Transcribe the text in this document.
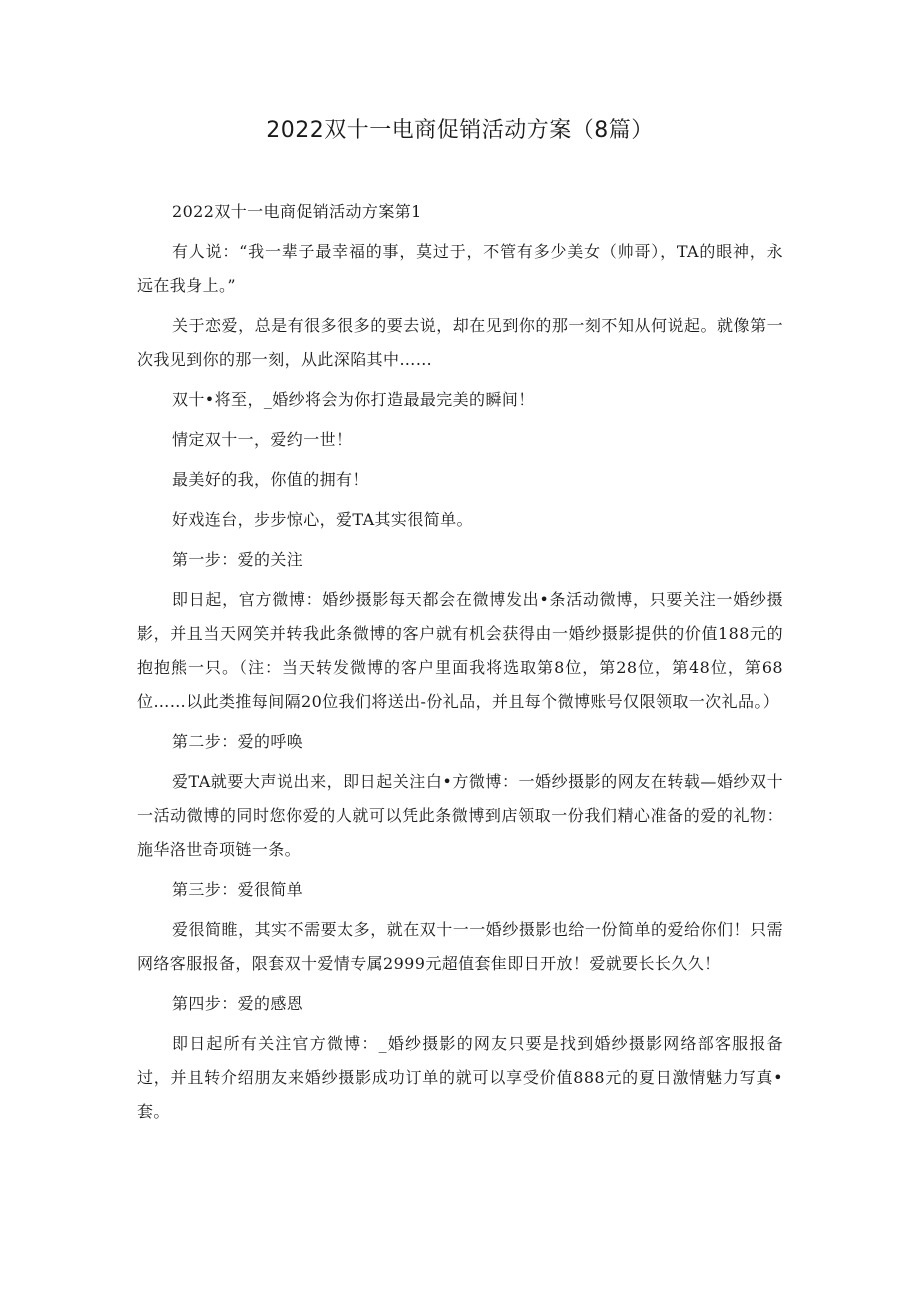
2022双十一电商促销活动方案（8篇）

2022双十一电商促销活动方案第1

有人说：“我一辈子最幸福的事，莫过于，不管有多少美女（帅哥），TA的眼神，永远在我身上。”

关于恋爱，总是有很多很多的要去说，却在见到你的那一刻不知从何说起。就像第一次我见到你的那一刻，从此深陷其中……

双十•将至，_婚纱将会为你打造最最完美的瞬间！

情定双十一，爱约一世！

最美好的我，你值的拥有！

好戏连台，步步惊心，爱TA其实很简单。

第一步：爱的关注

即日起，官方微博：婚纱摄影每天都会在微博发出•条活动微博，只要关注一婚纱摄影，并且当天网笑并转我此条微博的客户就有机会获得由一婚纱摄影提供的价值188元的抱抱熊一只。（注：当天转发微博的客户里面我将选取第8位，第28位，第48位，第68位……以此类推每间隔20位我们将送出-份礼品，并且每个微博账号仅限领取一次礼品。）

第二步：爱的呼唤

爱TA就要大声说出来，即日起关注白•方微博：一婚纱摄影的网友在转载—婚纱双十一活动微博的同时您你爱的人就可以凭此条微博到店领取一份我们精心准备的爱的礼物：施华洛世奇项链一条。

第三步：爱很简单

爱很简睢，其实不需要太多，就在双十一一婚纱摄影也给一份简单的爱给你们！只需网络客服报备，限套双十爱情专属2999元超值套隹即日开放！爱就要长长久久！

第四步：爱的感恩

即日起所有关注官方微博：_婚纱摄影的网友只要是找到婚纱摄影网络部客服报备过，并且转介绍朋友来婚纱摄影成功订单的就可以享受价值888元的夏日激情魅力写真•套。
